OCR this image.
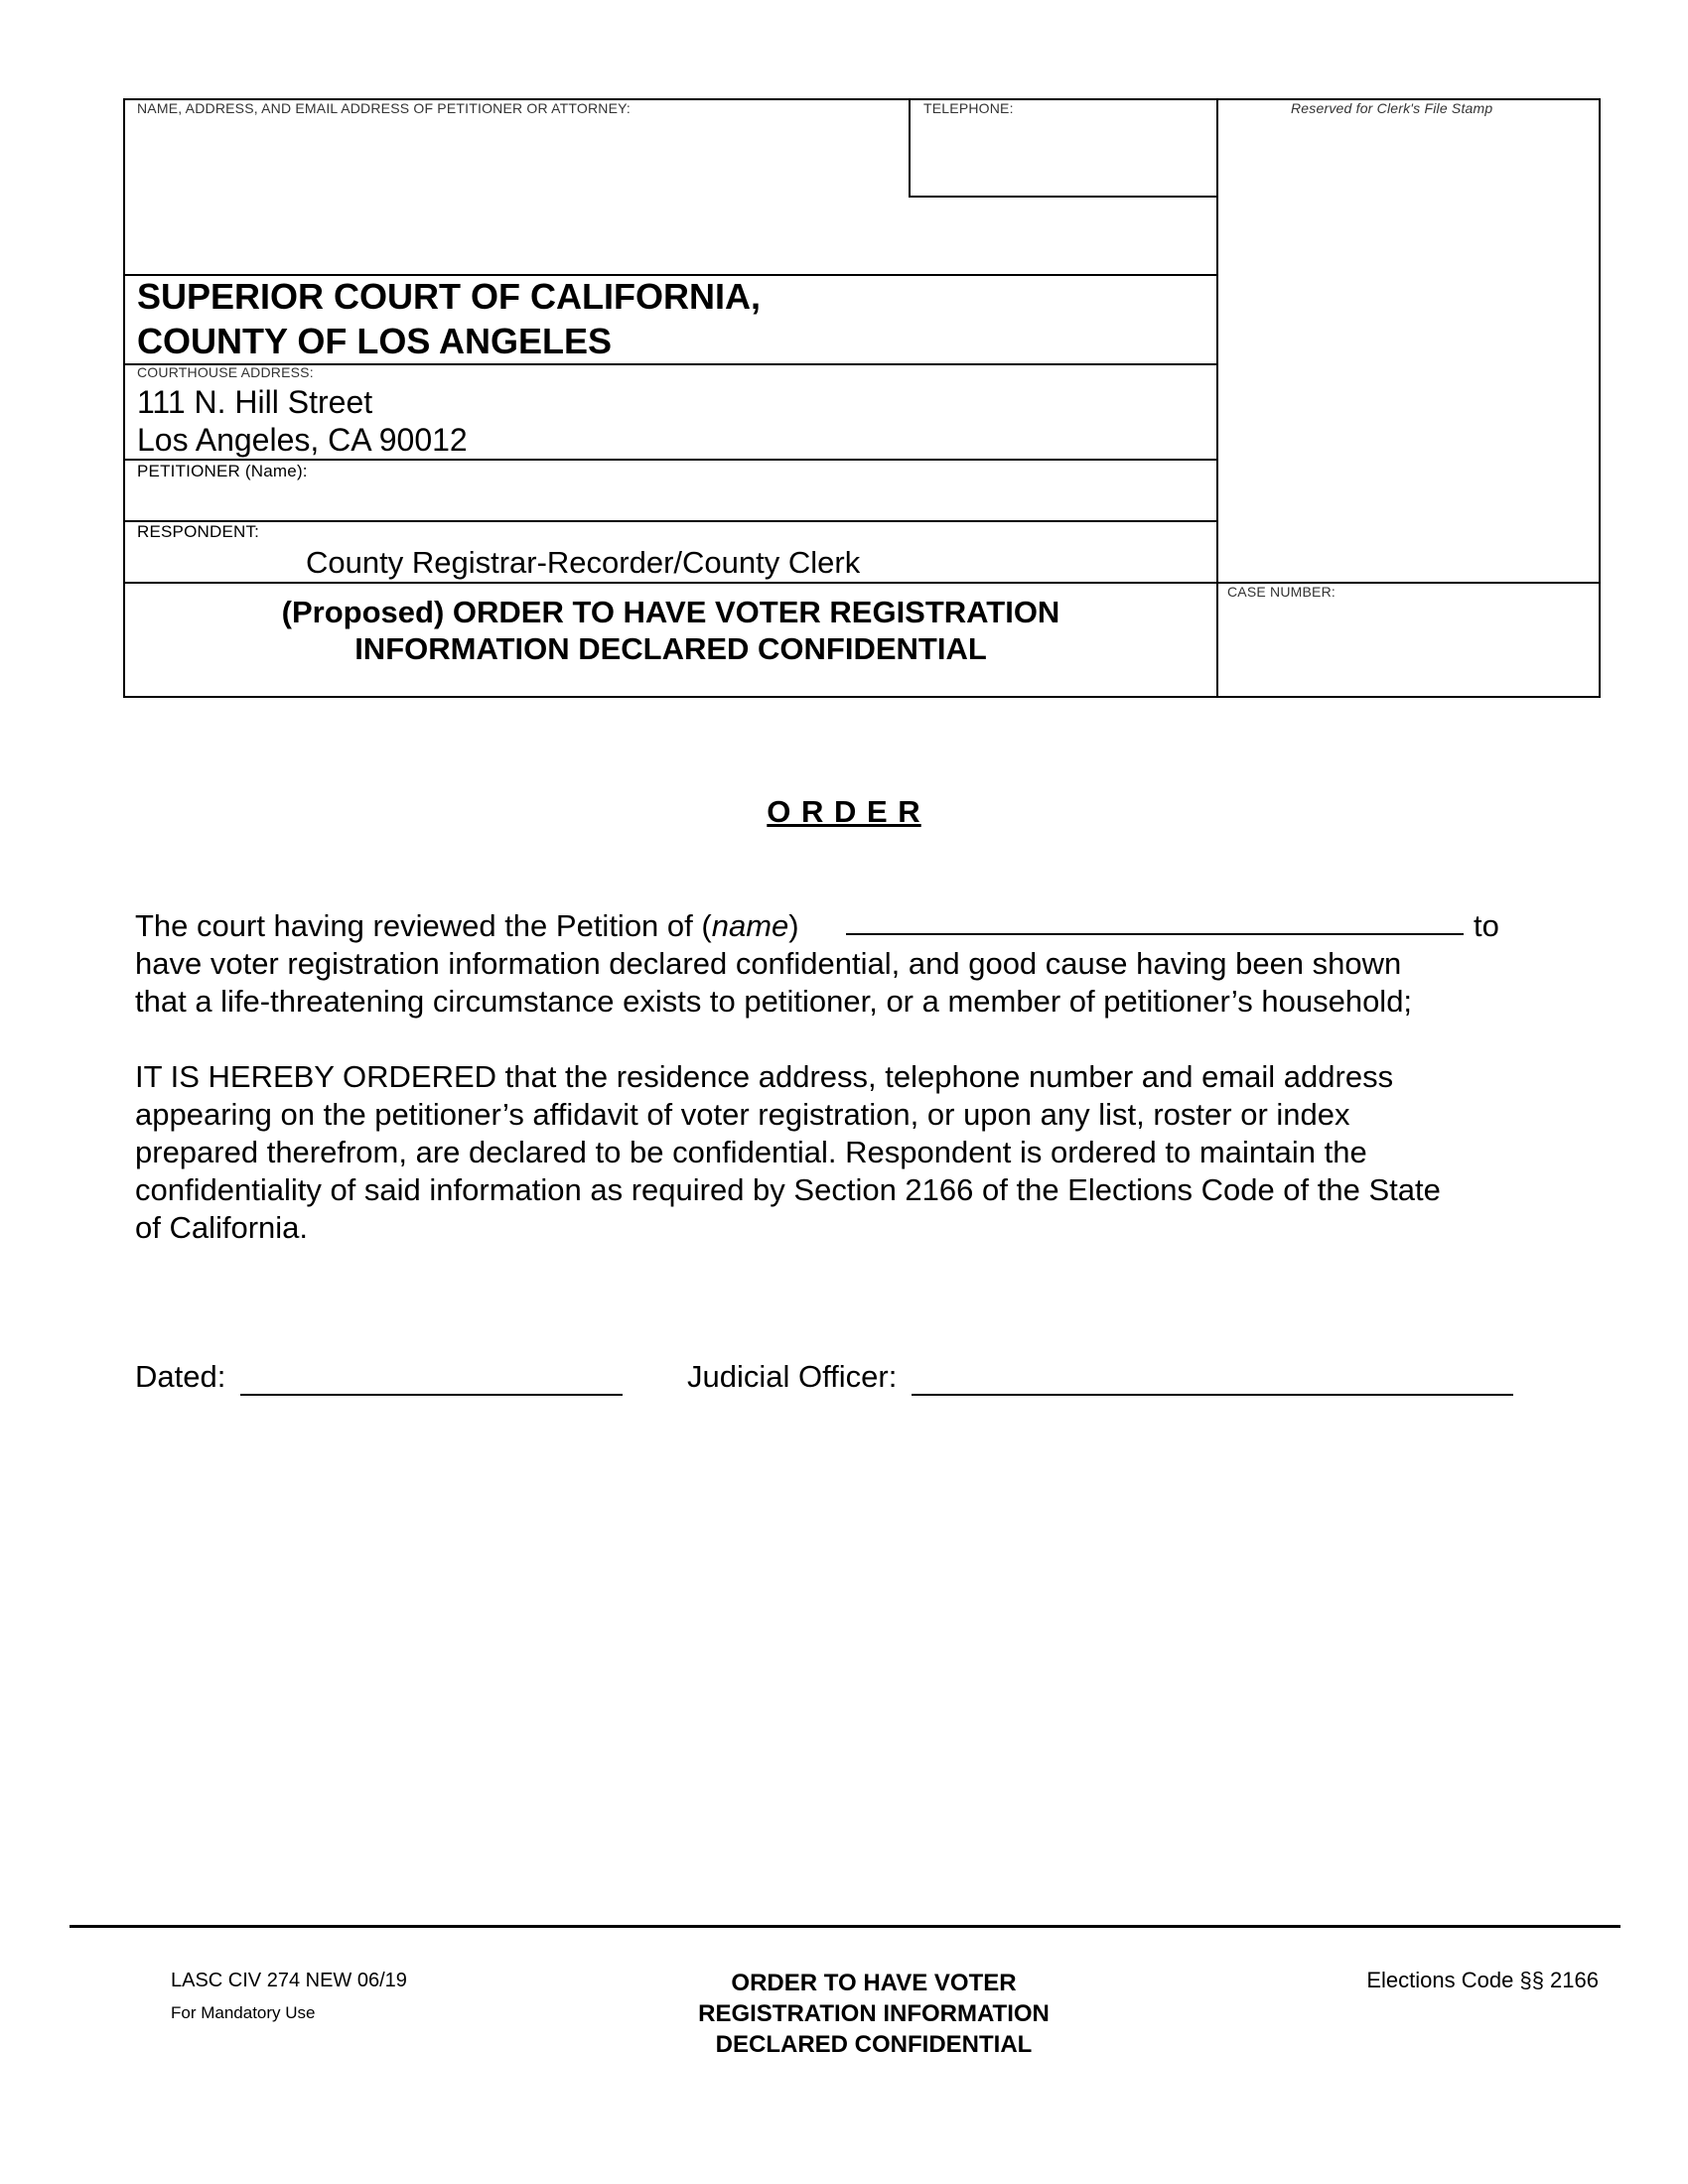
NAME, ADDRESS, AND EMAIL ADDRESS OF PETITIONER OR ATTORNEY:	TELEPHONE:	Reserved for Clerk's File Stamp
SUPERIOR COURT OF CALIFORNIA,
COUNTY OF LOS ANGELES
COURTHOUSE ADDRESS:
111 N. Hill Street
Los Angeles, CA 90012
PETITIONER (Name):
RESPONDENT:
County Registrar-Recorder/County Clerk
(Proposed) ORDER TO HAVE VOTER REGISTRATION
INFORMATION DECLARED CONFIDENTIAL
CASE NUMBER:
O R D E R
The court having reviewed the Petition of (name)	to
have voter registration information declared confidential, and good cause having been shown
that a life-threatening circumstance exists to petitioner, or a member of petitioner’s household;
IT IS HEREBY ORDERED that the residence address, telephone number and email address
appearing on the petitioner’s affidavit of voter registration, or upon any list, roster or index
prepared therefrom, are declared to be confidential. Respondent is ordered to maintain the
confidentiality of said information as required by Section 2166 of the Elections Code of the State
of California.
Dated:	Judicial Officer:
LASC CIV 274 NEW 06/19
For Mandatory Use
ORDER TO HAVE VOTER
REGISTRATION INFORMATION
DECLARED CONFIDENTIAL
Elections Code §§ 2166
